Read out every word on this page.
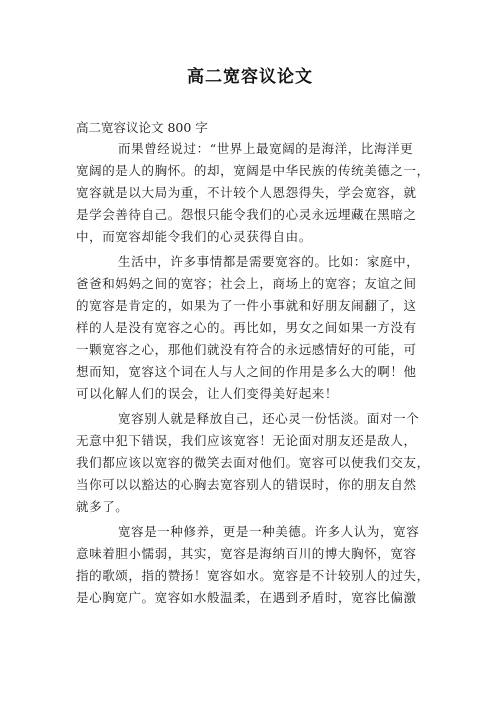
高二宽容议论文
高二宽容议论文 800 字
而果曾经说过：“世界上最宽阔的是海洋，比海洋更
宽阔的是人的胸怀。的却，宽阔是中华民族的传统美德之一，
宽容就是以大局为重，不计较个人恩怨得失，学会宽容，就
是学会善待自己。怨恨只能令我们的心灵永远埋藏在黑暗之
中，而宽容却能令我们的心灵获得自由。
生活中，许多事情都是需要宽容的。比如：家庭中，
爸爸和妈妈之间的宽容；社会上，商场上的宽容；友谊之间
的宽容是肯定的，如果为了一件小事就和好朋友闹翻了，这
样的人是没有宽容之心的。再比如，男女之间如果一方没有
一颗宽容之心，那他们就没有符合的永远感情好的可能，可
想而知，宽容这个词在人与人之间的作用是多么大的啊！他
可以化解人们的误会，让人们变得美好起来！
宽容别人就是释放自己，还心灵一份恬淡。面对一个
无意中犯下错误，我们应该宽容！无论面对朋友还是敌人，
我们都应该以宽容的微笑去面对他们。宽容可以使我们交友，
当你可以以豁达的心胸去宽容别人的错误时，你的朋友自然
就多了。
宽容是一种修养，更是一种美德。许多人认为，宽容
意味着胆小懦弱，其实，宽容是海纳百川的博大胸怀，宽容
指的歌颂，指的赞扬！宽容如水。宽容是不计较别人的过失，
是心胸宽广。宽容如水般温柔，在遇到矛盾时，宽容比偏激
